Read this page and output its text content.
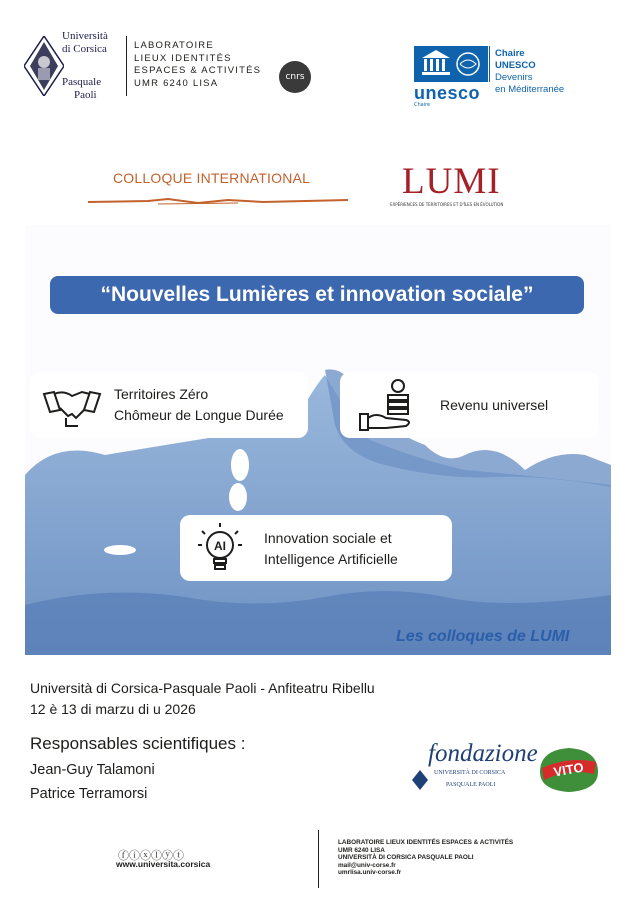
Università
di Corsica
Pasquale
Paoli
LABORATOIRE
LIEUX IDENTITÉS
ESPACES & ACTIVITÉS
UMR 6240 LISA
cnrs
unesco
Chaire
Chaire
UNESCO
Devenirs
en Méditerranée
COLLOQUE INTERNATIONAL LUMI
EXPÉRIENCES DE TERRITOIRES ET D'ÎLES EN ÉVOLUTION
“Nouvelles Lumières et innovation sociale”
Territoires Zéro
Chômeur de Longue Durée
Revenu universel
AI	Innovation sociale et
Intelligence Artificielle
Les colloques de LUMI
Università di Corsica-Pasquale Paoli - Anfiteatru Ribellu
12 è 13 di marzu di u 2026
Responsables scientifiques :
Jean-Guy Talamoni
Patrice Terramorsi
fondazione
UNIVERSITÀ DI CORSICA
PASQUALE PAOLI
VITO
ⓕⓘⓧⓛⓨⓣ
www.universita.corsica
LABORATOIRE LIEUX IDENTITÉS ESPACES & ACTIVITÉS
UMR 6240 LISA
UNIVERSITÀ DI CORSICA PASQUALE PAOLI
mail@univ-corse.fr
umrlisa.univ-corse.fr
